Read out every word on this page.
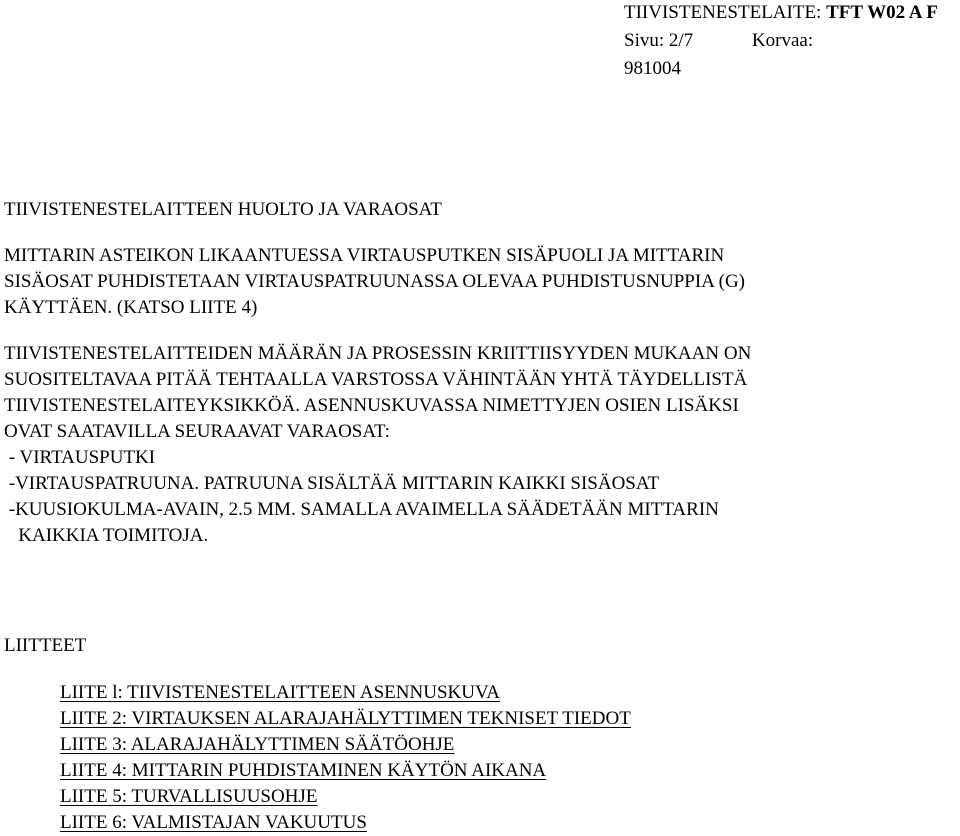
TIIVISTENESTELAITE: TFT W02 A F
Sivu: 2/7	Korvaa:
981004
TIIVISTENESTELAITTEEN HUOLTO JA VARAOSAT
MITTARIN ASTEIKON LIKAANTUESSA VIRTAUSPUTKEN SISÄPUOLI JA MITTARIN
SISÄOSAT PUHDISTETAAN VIRTAUSPATRUUNASSA OLEVAA PUHDISTUSNUPPIA (G)
KÄYTTÄEN. (KATSO LIITE 4)
TIIVISTENESTELAITTEIDEN MÄÄRÄN JA PROSESSIN KRIITTIISYYDEN MUKAAN ON
SUOSITELTAVAA PITÄÄ TEHTAALLA VARSTOSSA VÄHINTÄÄN YHTÄ TÄYDELLISTÄ
TIIVISTENESTELAITEYKSIKKÖÄ. ASENNUSKUVASSA NIMETTYJEN OSIEN LISÄKSI
OVAT SAATAVILLA SEURAAVAT VARAOSAT:
- VIRTAUSPUTKI
-VIRTAUSPATRUUNA. PATRUUNA SISÄLTÄÄ MITTARIN KAIKKI SISÄOSAT
-KUUSIOKULMA-AVAIN, 2.5 MM. SAMALLA AVAIMELLA SÄÄDETÄÄN MITTARIN
KAIKKIA TOIMITOJA.
LIITTEET
LIITE l: TIIVISTENESTELAITTEEN ASENNUSKUVA
LIITE 2: VIRTAUKSEN ALARAJAHÄLYTTIMEN TEKNISET TIEDOT
LIITE 3: ALARAJAHÄLYTTIMEN SÄÄTÖOHJE
LIITE 4: MITTARIN PUHDISTAMINEN KÄYTÖN AIKANA
LIITE 5: TURVALLISUUSOHJE
LIITE 6: VALMISTAJAN VAKUUTUS
